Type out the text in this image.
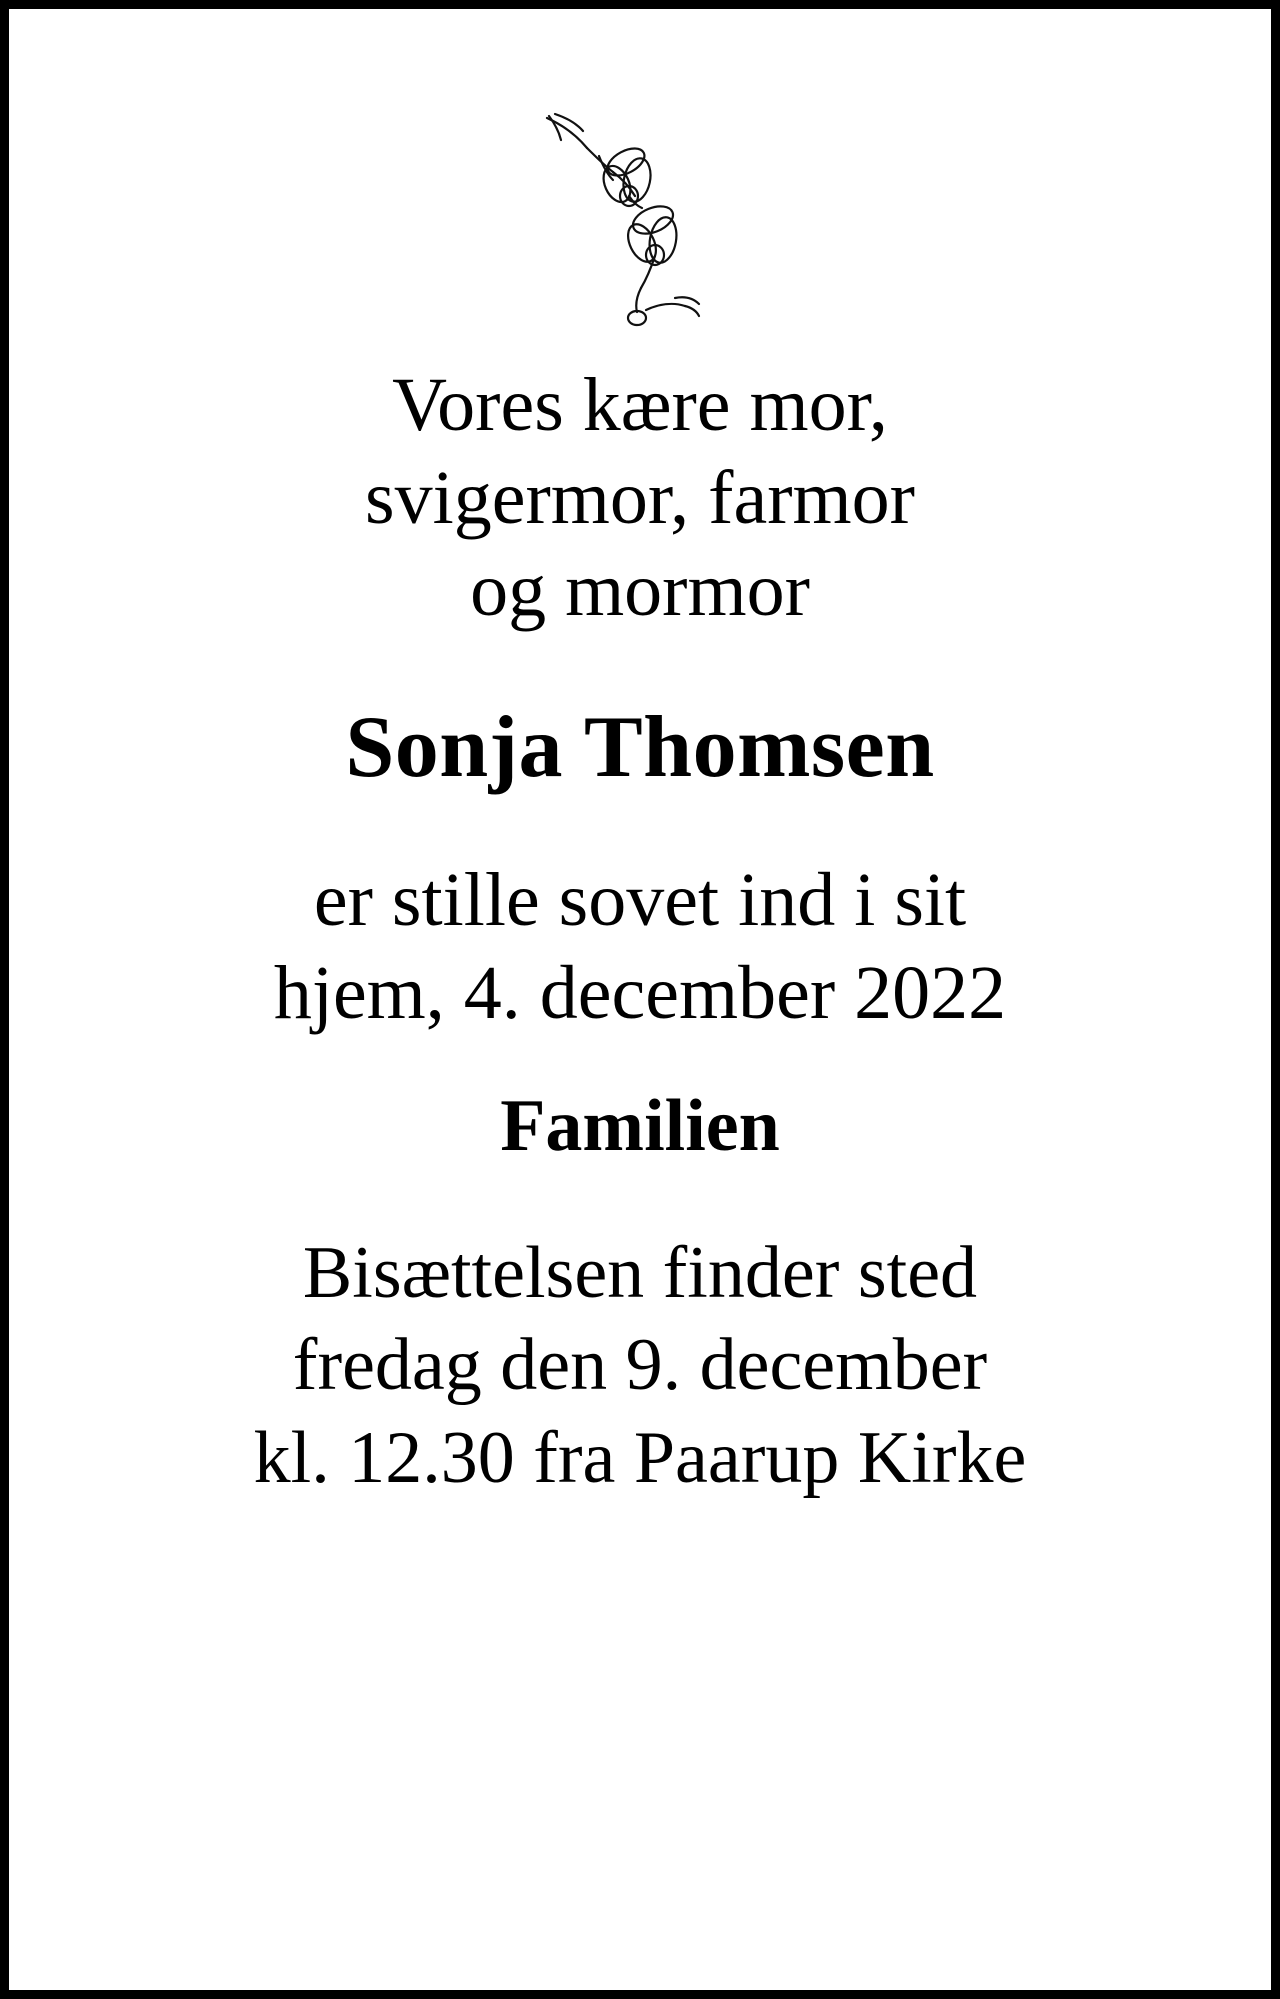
Vores kære mor,
svigermor, farmor
og mormor
Sonja Thomsen
er stille sovet ind i sit
hjem, 4. december 2022
Familien
Bisættelsen finder sted
fredag den 9. december
kl. 12.30 fra Paarup Kirke
